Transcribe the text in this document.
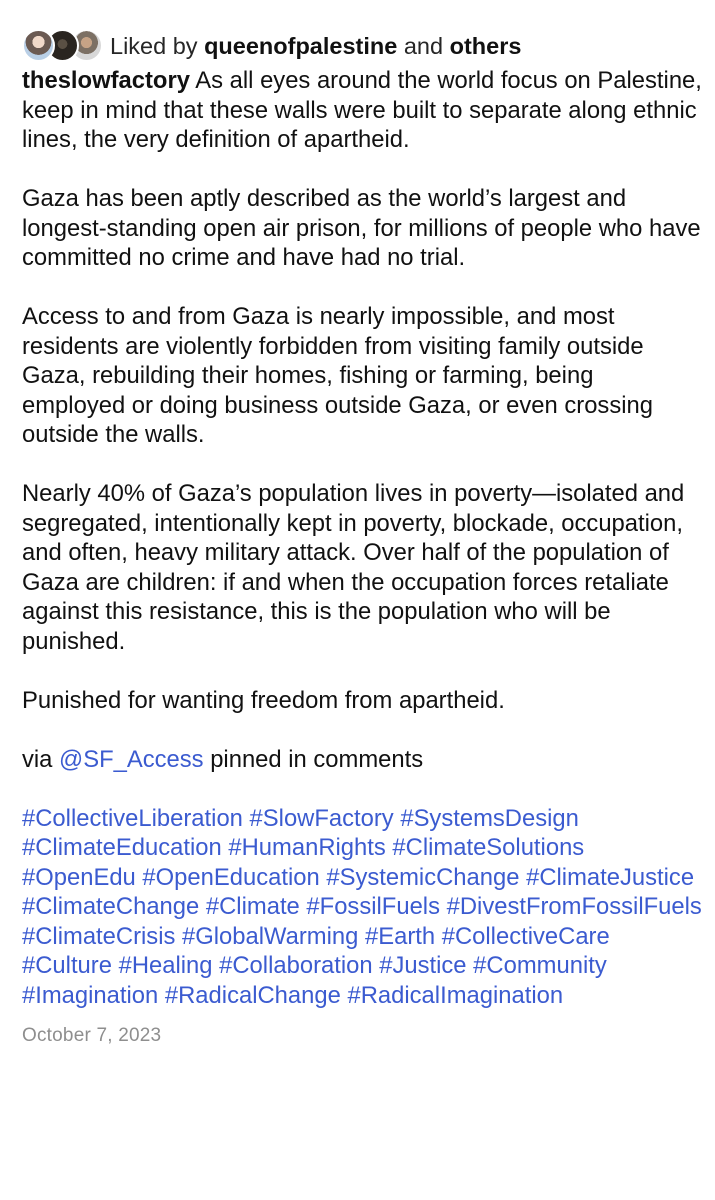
Liked by queenofpalestine and others

theslowfactory As all eyes around the world focus on Palestine, keep in mind that these walls were built to separate along ethnic lines, the very definition of apartheid.

Gaza has been aptly described as the world’s largest and longest-standing open air prison, for millions of people who have committed no crime and have had no trial.

Access to and from Gaza is nearly impossible, and most residents are violently forbidden from visiting family outside Gaza, rebuilding their homes, fishing or farming, being employed or doing business outside Gaza, or even crossing outside the walls.

Nearly 40% of Gaza’s population lives in poverty—isolated and segregated, intentionally kept in poverty, blockade, occupation, and often, heavy military attack. Over half of the population of Gaza are children: if and when the occupation forces retaliate against this resistance, this is the population who will be punished.

Punished for wanting freedom from apartheid.

via @SF_Access pinned in comments

#CollectiveLiberation #SlowFactory #SystemsDesign #ClimateEducation #HumanRights #ClimateSolutions #OpenEdu #OpenEducation #SystemicChange #ClimateJustice #ClimateChange #Climate #FossilFuels #DivestFromFossilFuels #ClimateCrisis #GlobalWarming #Earth #CollectiveCare #Culture #Healing #Collaboration #Justice #Community #Imagination #RadicalChange #RadicalImagination
October 7, 2023
